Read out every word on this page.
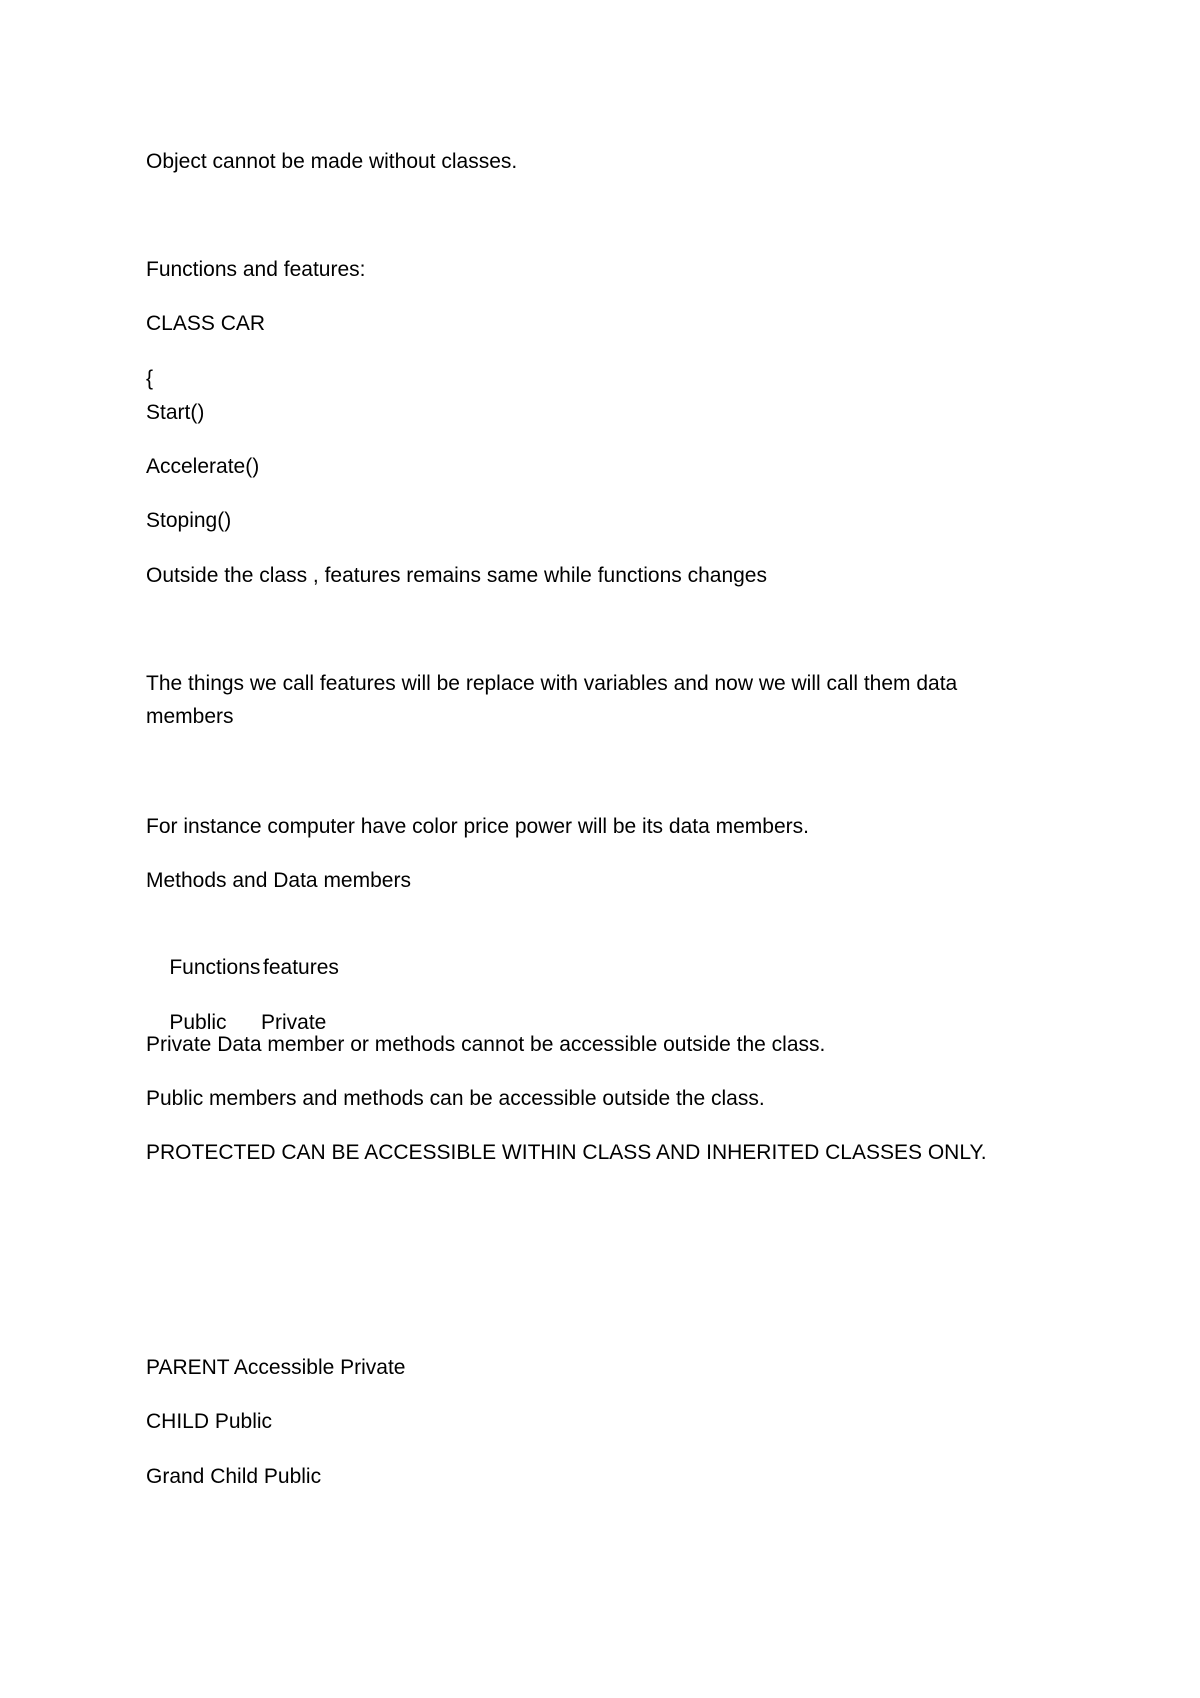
Object cannot be made without classes.

Functions and features:

CLASS CAR

{

Start()

Accelerate()

Stoping()

Outside the class , features remains same while functions changes

The things we call features will be replace with variables and now we will call them data members

For instance computer have color price power will be its data members.

Methods and Data members

Functions features

Public Private

Private Data member or methods cannot be accessible outside the class.

Public members and methods can be accessible outside the class.

PROTECTED CAN BE ACCESSIBLE WITHIN CLASS AND INHERITED CLASSES ONLY.

PARENT Accessible Private

CHILD Public

Grand Child Public
